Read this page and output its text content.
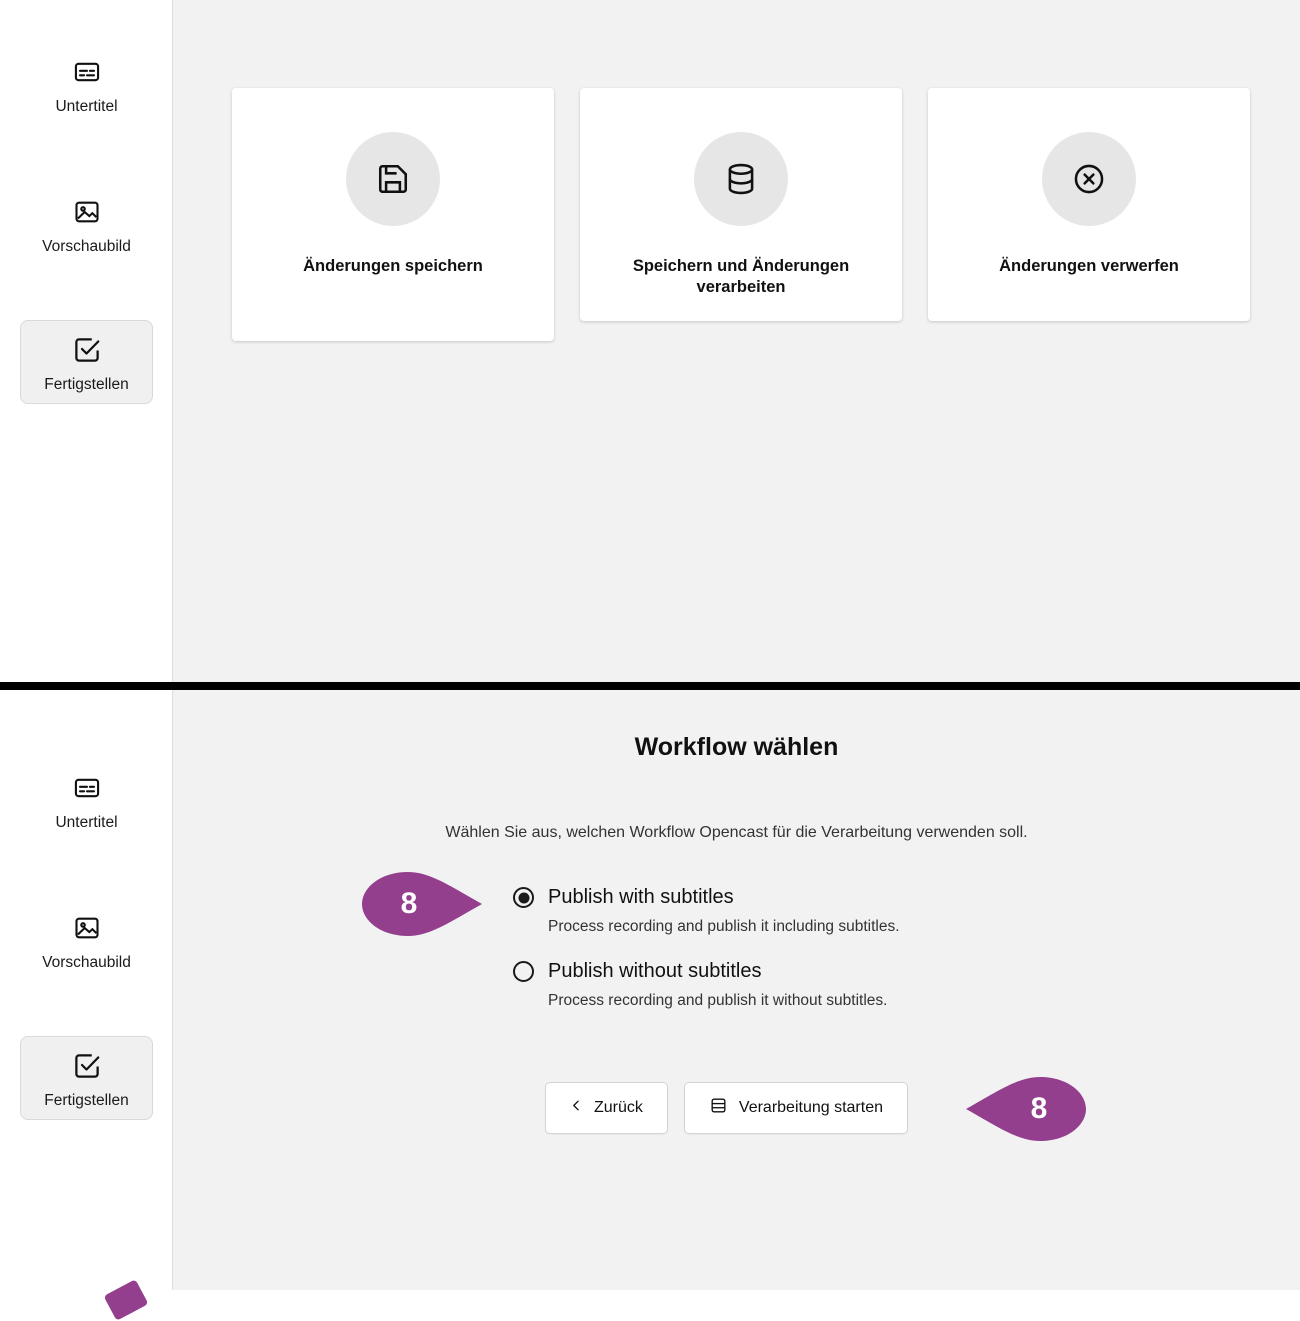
Untertitel
Vorschaubild
Fertigstellen
Änderungen speichern	Speichern und Änderungen verarbeiten
Änderungen verwerfen
Untertitel
Vorschaubild
Fertigstellen
Workflow wählen
Wählen Sie aus, welchen Workflow Opencast für die Verarbeitung verwenden soll.
Publish with subtitles
Process recording and publish it including subtitles.
Publish without subtitles
Process recording and publish it without subtitles.
Zurück	Verarbeitung starten
8
8
